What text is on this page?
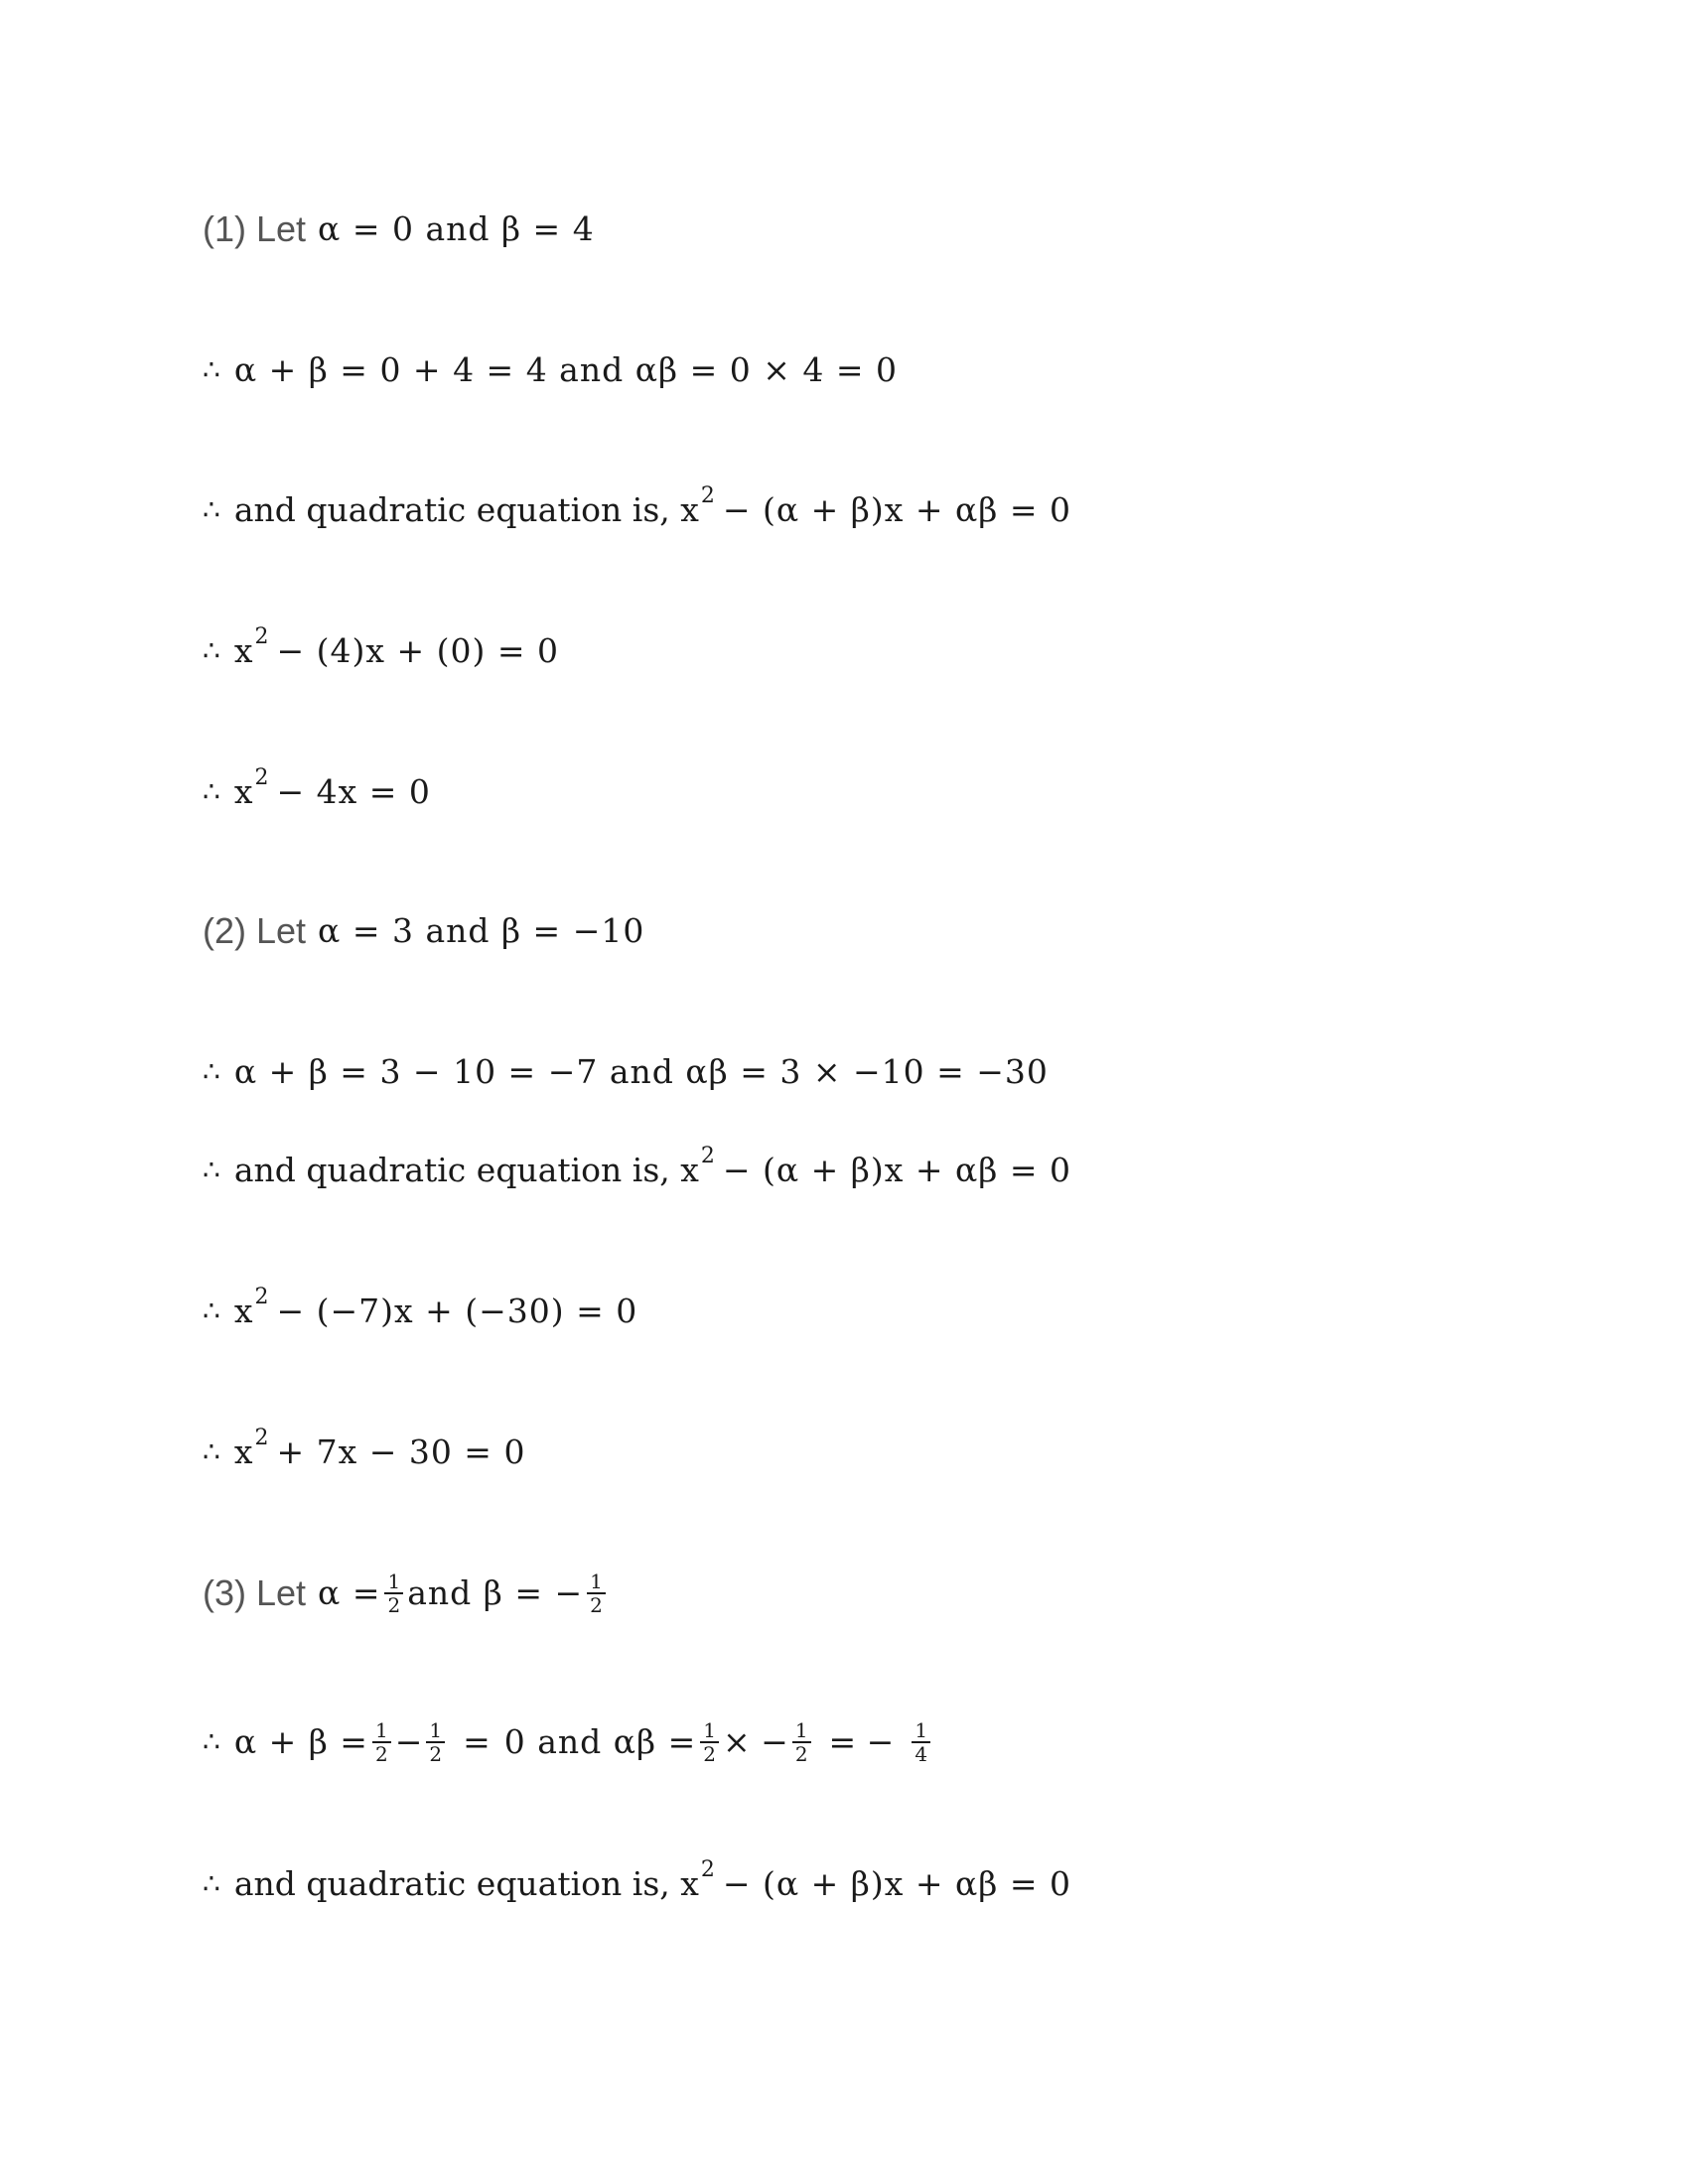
(1) Let α = 0 and β = 4
∴ α + β = 0 + 4 = 4 and αβ = 0 × 4 = 0
∴ and quadratic equation is, x 2 − (α + β)x + αβ = 0
∴ x 2 − (4)x + (0) = 0
∴ x 2 − 4x = 0
(2) Let α = 3 and β = −10
∴ α + β = 3 − 10 = −7 and αβ = 3 × −10 = −30
∴ and quadratic equation is, x 2 − (α + β)x + αβ = 0
∴ x 2 − (−7)x + (−30) = 0
∴ x 2 + 7x − 30 = 0
(3) Let $\alpha = \frac{1}{2}$ and β = − $\frac{1}{2}$
∴ $\alpha + \beta = \frac{1}{2} - \frac{1}{2} = 0$ and $\alpha\beta = \frac{1}{2}$ × − $\frac{1}{2}$ = − $\frac{1}{4}$
∴ and quadratic equation is, x 2 − (α + β)x + αβ = 0
